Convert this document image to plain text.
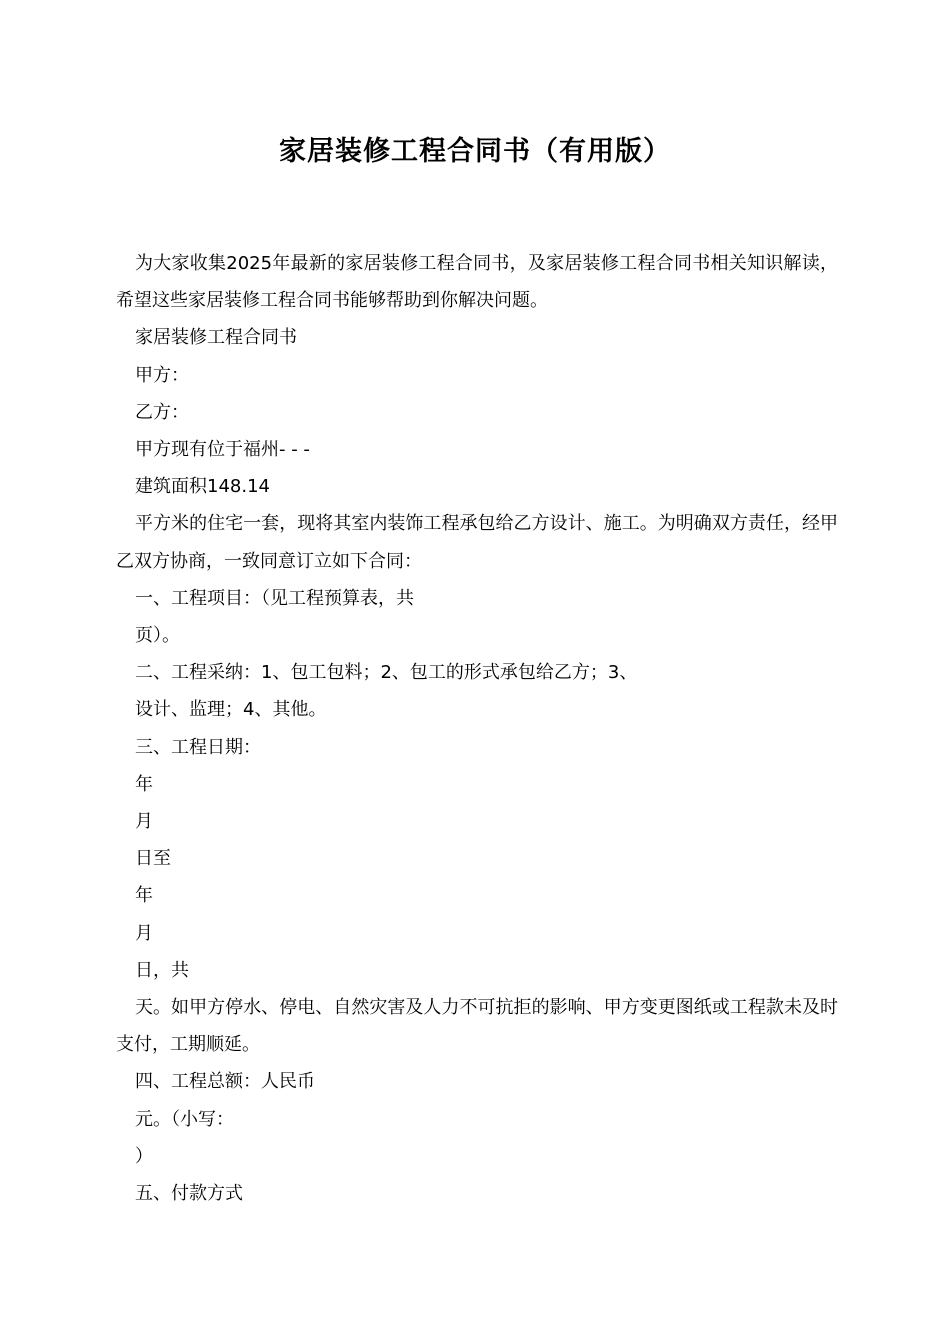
家居装修工程合同书（有用版）

为大家收集2025年最新的家居装修工程合同书，及家居装修工程合同书相关知识解读，希望这些家居装修工程合同书能够帮助到你解决问题。

家居装修工程合同书

甲方：

乙方：

甲方现有位于福州- - -

建筑面积148.14

平方米的住宅一套，现将其室内装饰工程承包给乙方设计、施工。为明确双方责任，经甲乙双方协商，一致同意订立如下合同：

一、工程项目：（见工程预算表，共

页）。

二、工程采纳：1、包工包料；2、包工的形式承包给乙方；3、

设计、监理；4、其他。

三、工程日期：

年

月

日至

年

月

日，共

天。如甲方停水、停电、自然灾害及人力不可抗拒的影响、甲方变更图纸或工程款未及时支付，工期顺延。

四、工程总额：人民币

元。（小写：

）

五、付款方式
